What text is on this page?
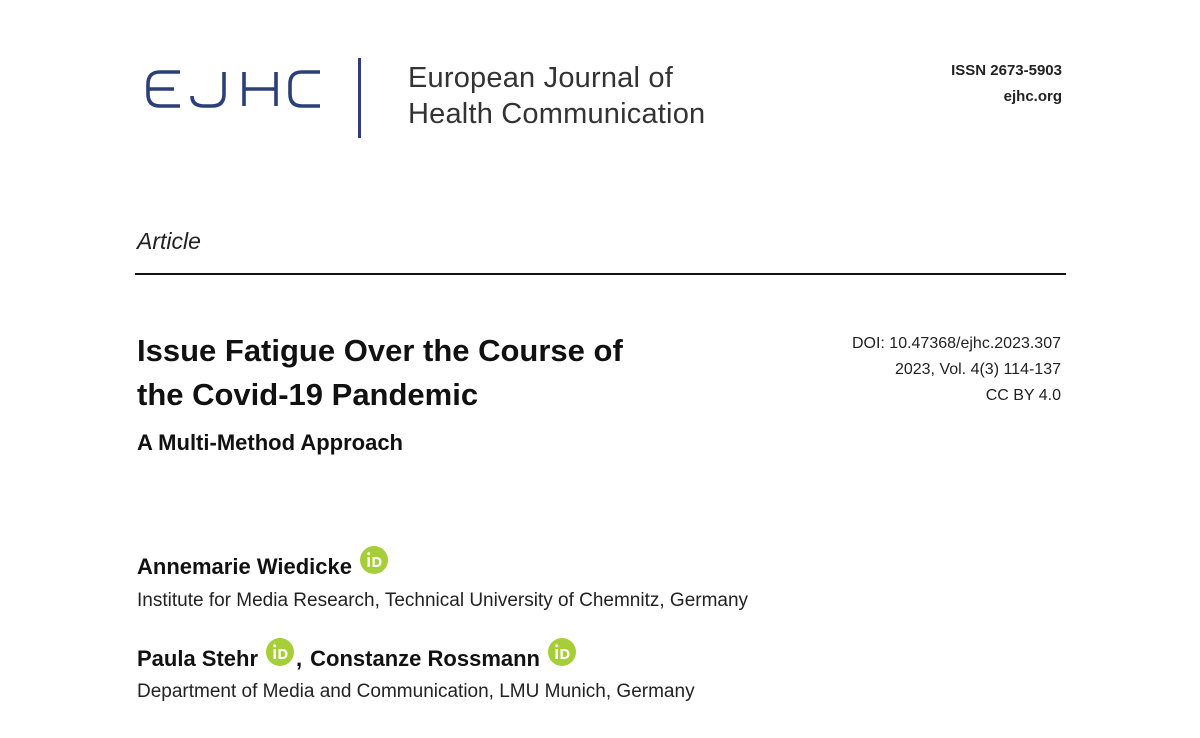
European Journal of
Health Communication
ISSN 2673-5903
ejhc.org
Article
Issue Fatigue Over the Course of
the Covid-19 Pandemic
A Multi-Method Approach
DOI: 10.47368/ejhc.2023.307
2023, Vol. 4(3) 114-137
CC BY 4.0
Annemarie Wiedicke
Institute for Media Research, Technical University of Chemnitz, Germany
Paula Stehr , Constanze Rossmann
Department of Media and Communication, LMU Munich, Germany
